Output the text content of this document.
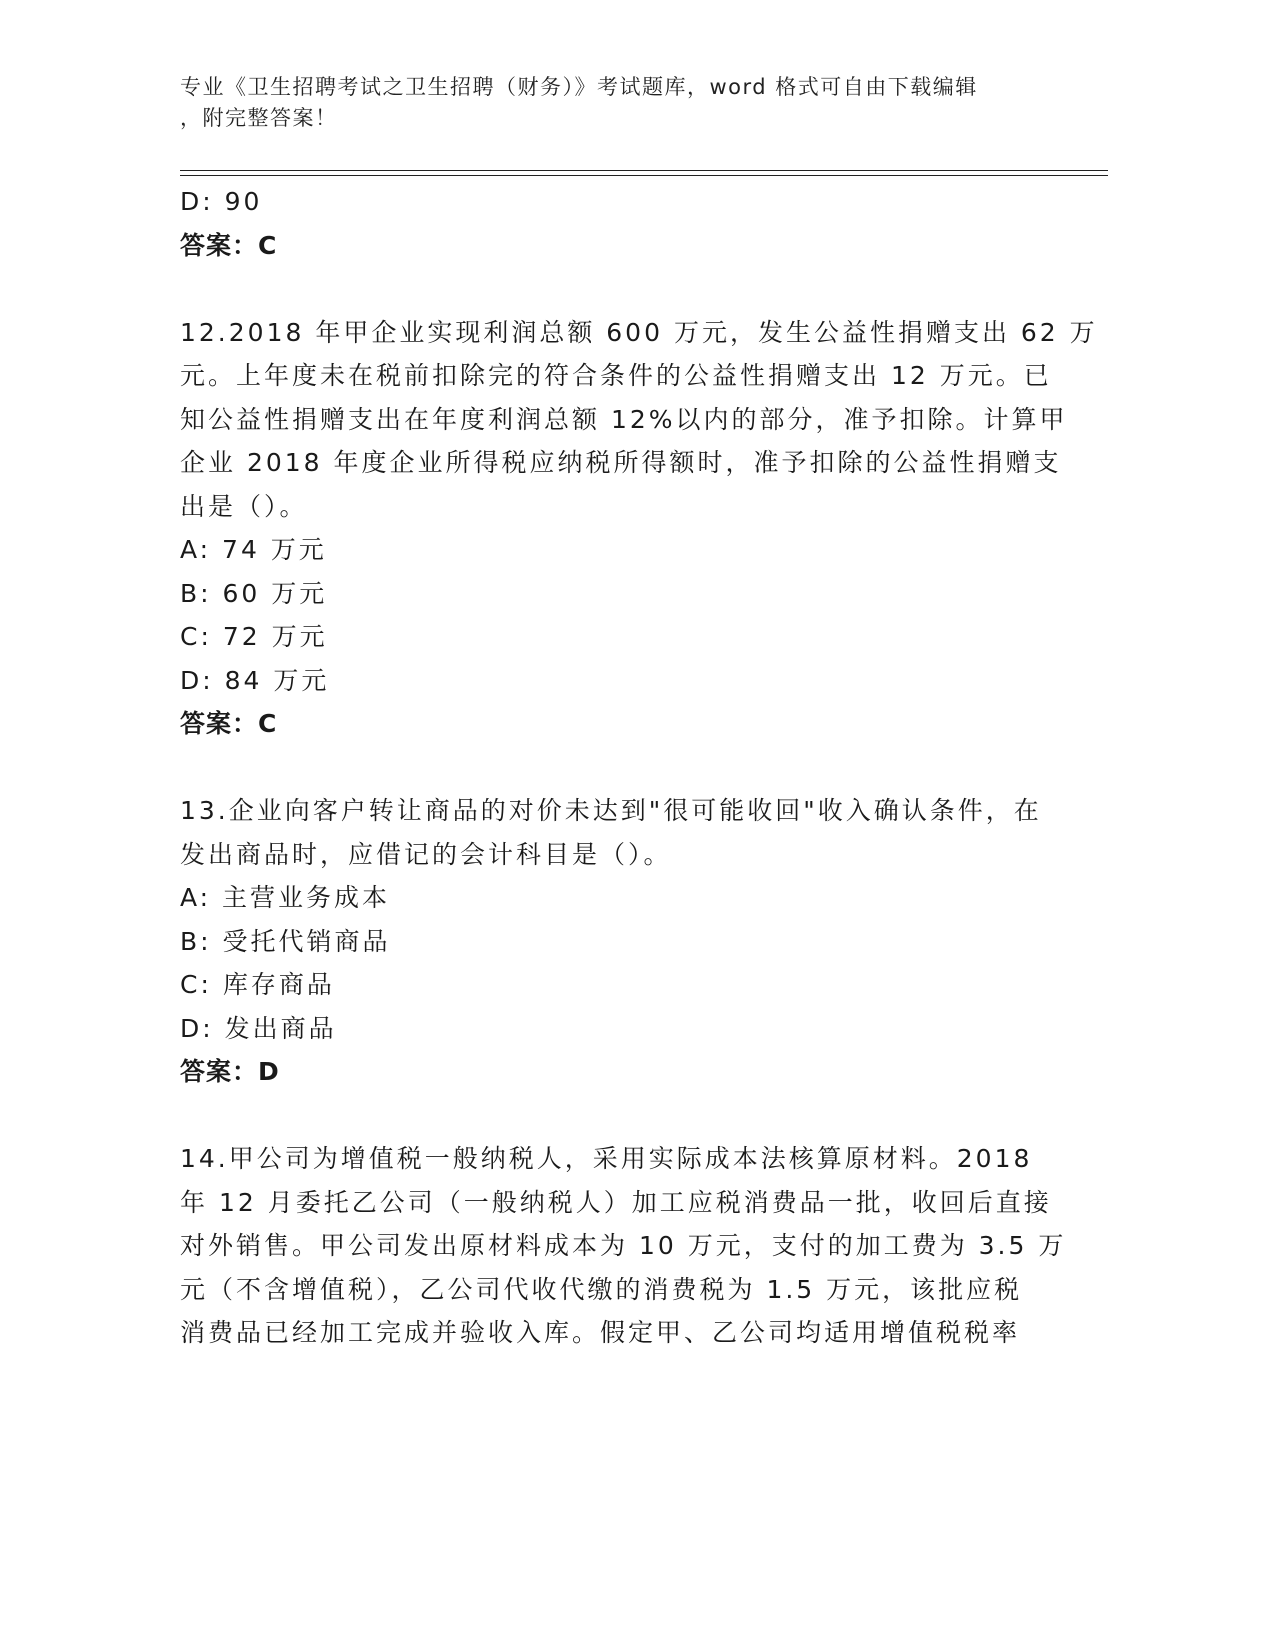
专业《卫生招聘考试之卫生招聘（财务）》考试题库，word 格式可自由下载编辑
，附完整答案！
D: 90
答案：C
12.2018 年甲企业实现利润总额 600 万元，发生公益性捐赠支出 62 万
元。上年度未在税前扣除完的符合条件的公益性捐赠支出 12 万元。已
知公益性捐赠支出在年度利润总额 12%以内的部分，准予扣除。计算甲
企业 2018 年度企业所得税应纳税所得额时，准予扣除的公益性捐赠支
出是（）。
A: 74 万元
B: 60 万元
C: 72 万元
D: 84 万元
答案：C
13.企业向客户转让商品的对价未达到"很可能收回"收入确认条件，在
发出商品时，应借记的会计科目是（）。
A: 主营业务成本
B: 受托代销商品
C: 库存商品
D: 发出商品
答案：D
14.甲公司为增值税一般纳税人，采用实际成本法核算原材料。2018
年 12 月委托乙公司（一般纳税人）加工应税消费品一批，收回后直接
对外销售。甲公司发出原材料成本为 10 万元，支付的加工费为 3.5 万
元（不含增值税），乙公司代收代缴的消费税为 1.5 万元，该批应税
消费品已经加工完成并验收入库。假定甲、乙公司均适用增值税税率
